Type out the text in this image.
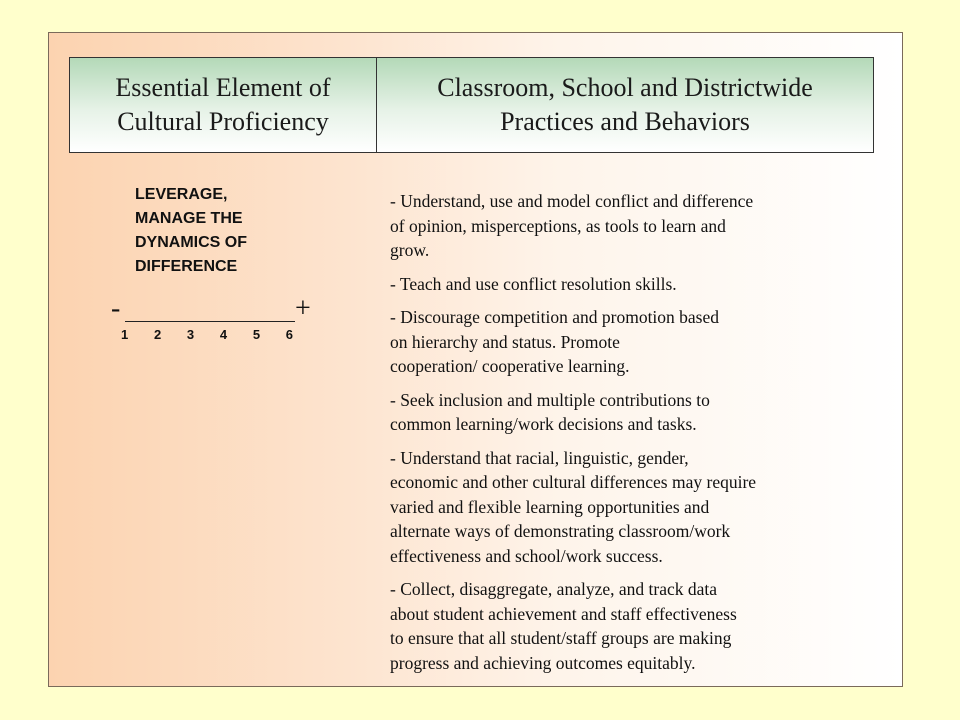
Essential Element of
Cultural Proficiency
Classroom, School and Districtwide
Practices and Behaviors
LEVERAGE,
MANAGE THE
DYNAMICS OF
DIFFERENCE
-	+
1 2 3 4 5 6

- Understand, use and model conflict and difference
of opinion, misperceptions, as tools to learn and
grow.

- Teach and use conflict resolution skills.

- Discourage competition and promotion based
on hierarchy and status. Promote
cooperation/ cooperative learning.

- Seek inclusion and multiple contributions to
common learning/work decisions and tasks.

- Understand that racial, linguistic, gender,
economic and other cultural differences may require
varied and flexible learning opportunities and
alternate ways of demonstrating classroom/work
effectiveness and school/work success.

- Collect, disaggregate, analyze, and track data
about student achievement and staff effectiveness
to ensure that all student/staff groups are making
progress and achieving outcomes equitably.
